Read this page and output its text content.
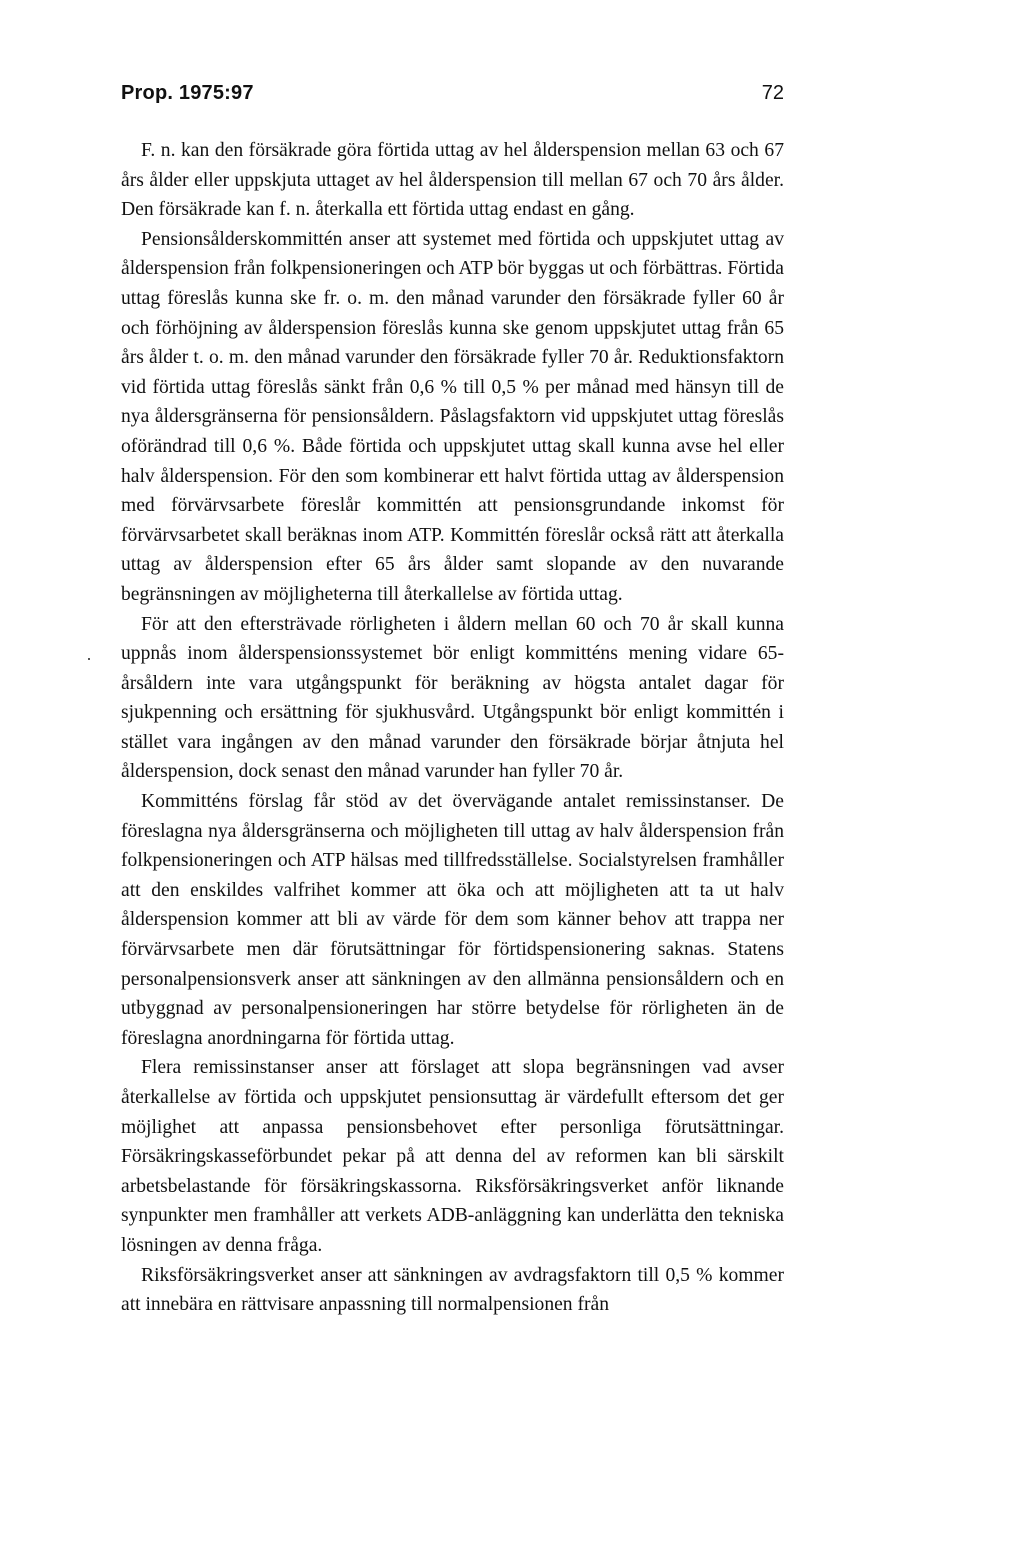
Prop. 1975:97	72

F. n. kan den försäkrade göra förtida uttag av hel ålderspension mellan 63 och 67 års ålder eller uppskjuta uttaget av hel ålderspension till mellan 67 och 70 års ålder. Den försäkrade kan f. n. återkalla ett förtida uttag endast en gång.

Pensionsålderskommittén anser att systemet med förtida och uppskjutet uttag av ålderspension från folkpensioneringen och ATP bör byggas ut och förbättras. Förtida uttag föreslås kunna ske fr. o. m. den månad varunder den försäkrade fyller 60 år och förhöjning av ålderspension föreslås kunna ske genom uppskjutet uttag från 65 års ålder t. o. m. den månad varunder den försäkrade fyller 70 år. Reduktionsfaktorn vid förtida uttag föreslås sänkt från 0,6 % till 0,5 % per månad med hänsyn till de nya åldersgränserna för pensionsåldern. Påslagsfaktorn vid uppskjutet uttag föreslås oförändrad till 0,6 %. Både förtida och uppskjutet uttag skall kunna avse hel eller halv ålderspension. För den som kombinerar ett halvt förtida uttag av ålderspension med förvärvsarbete föreslår kommittén att pensionsgrundande inkomst för förvärvsarbetet skall beräknas inom ATP. Kommittén föreslår också rätt att återkalla uttag av ålderspension efter 65 års ålder samt slopande av den nuvarande begränsningen av möjligheterna till återkallelse av förtida uttag.

För att den eftersträvade rörligheten i åldern mellan 60 och 70 år skall kunna uppnås inom ålderspensionssystemet bör enligt kommitténs mening vidare 65-årsåldern inte vara utgångspunkt för beräkning av högsta antalet dagar för sjukpenning och ersättning för sjukhusvård. Utgångspunkt bör enligt kommittén i stället vara ingången av den månad varunder den försäkrade börjar åtnjuta hel ålderspension, dock senast den månad varunder han fyller 70 år.

Kommitténs förslag får stöd av det övervägande antalet remissinstanser. De föreslagna nya åldersgränserna och möjligheten till uttag av halv ålderspension från folkpensioneringen och ATP hälsas med tillfredsställelse. Socialstyrelsen framhåller att den enskildes valfrihet kommer att öka och att möjligheten att ta ut halv ålderspension kommer att bli av värde för dem som känner behov att trappa ner förvärvsarbete men där förutsättningar för förtidspensionering saknas. Statens personalpensionsverk anser att sänkningen av den allmänna pensionsåldern och en utbyggnad av personalpensioneringen har större betydelse för rörligheten än de föreslagna anordningarna för förtida uttag.

Flera remissinstanser anser att förslaget att slopa begränsningen vad avser återkallelse av förtida och uppskjutet pensionsuttag är värdefullt eftersom det ger möjlighet att anpassa pensionsbehovet efter personliga förutsättningar. Försäkringskasseförbundet pekar på att denna del av reformen kan bli särskilt arbetsbelastande för försäkringskassorna. Riksförsäkringsverket anför liknande synpunkter men framhåller att verkets ADB-anläggning kan underlätta den tekniska lösningen av denna fråga.

Riksförsäkringsverket anser att sänkningen av avdragsfaktorn till 0,5 % kommer att innebära en rättvisare anpassning till normalpensionen från
